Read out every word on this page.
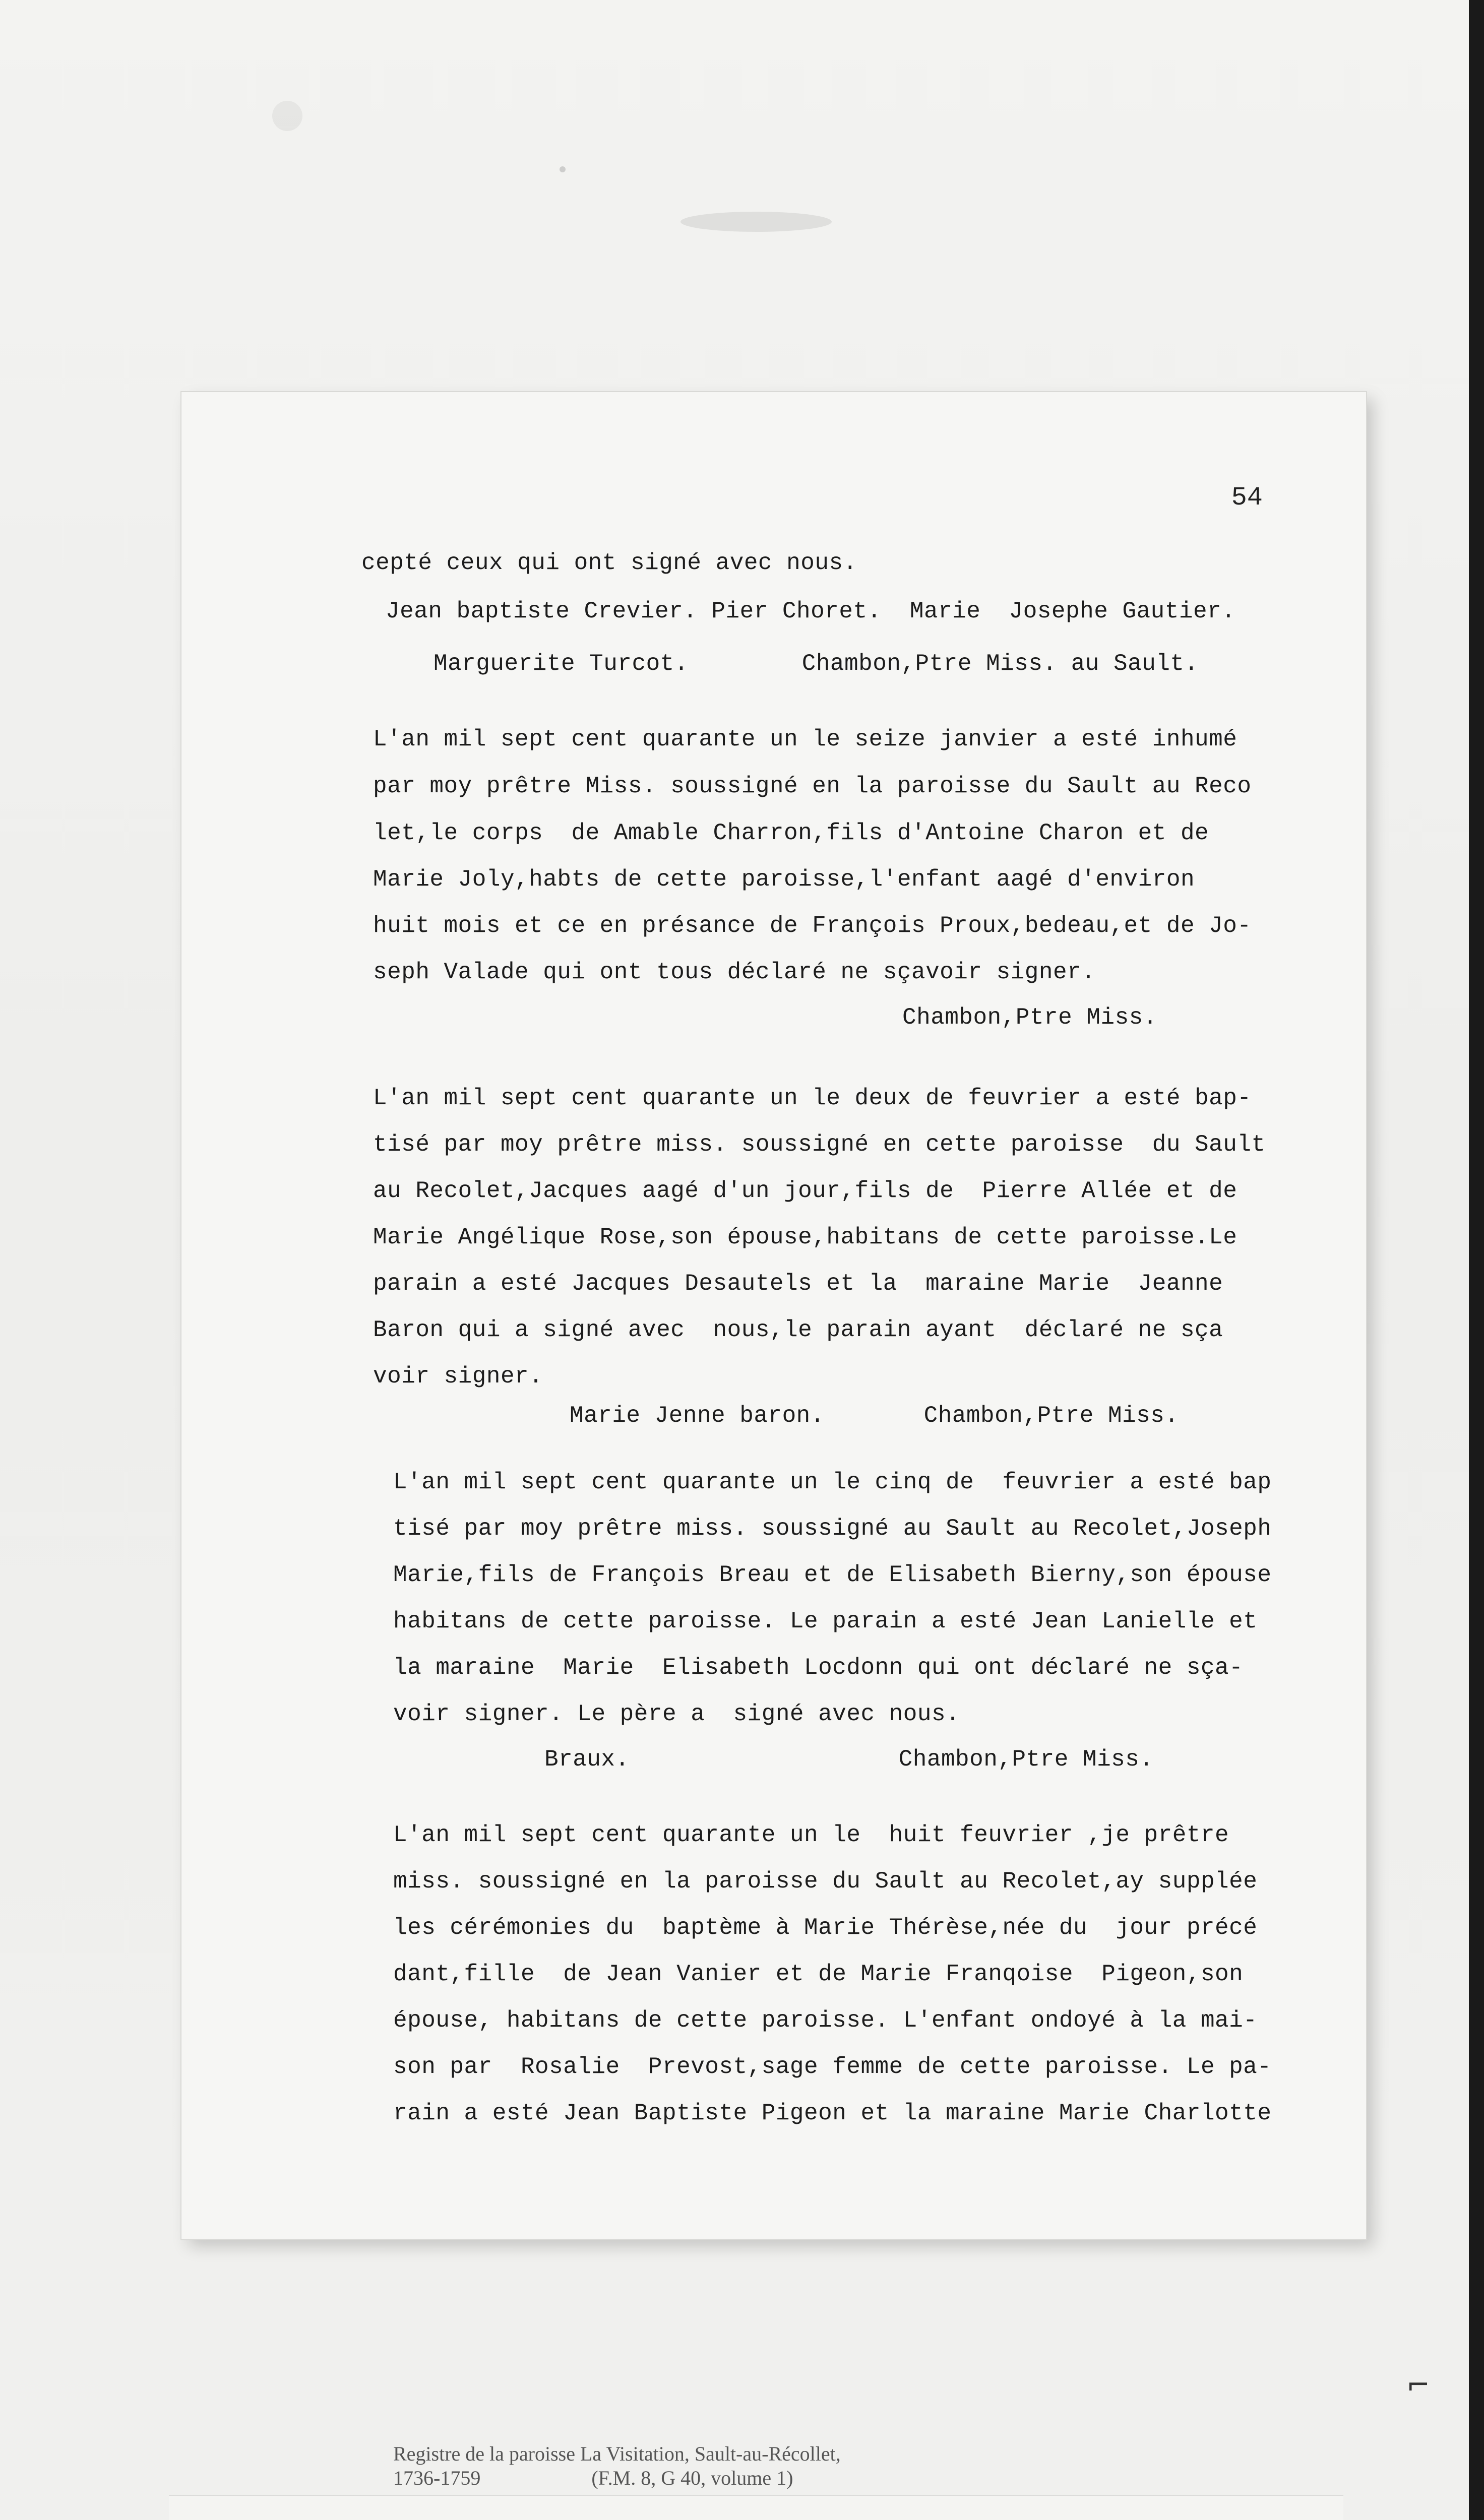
⌐
54
cepté ceux qui ont signé avec nous.
Jean baptiste Crevier. Pier Choret.  Marie  Josephe Gautier.
Marguerite Turcot.        Chambon,Ptre Miss. au Sault.
L'an mil sept cent quarante un le seize janvier a esté inhumé
par moy prêtre Miss. soussigné en la paroisse du Sault au Reco
let,le corps  de Amable Charron,fils d'Antoine Charon et de
Marie Joly,habts de cette paroisse,l'enfant aagé d'environ
huit mois et ce en présance de François Proux,bedeau,et de Jo-
seph Valade qui ont tous déclaré ne sçavoir signer.
Chambon,Ptre Miss.
L'an mil sept cent quarante un le deux de feuvrier a esté bap-
tisé par moy prêtre miss. soussigné en cette paroisse  du Sault
au Recolet,Jacques aagé d'un jour,fils de  Pierre Allée et de
Marie Angélique Rose,son épouse,habitans de cette paroisse.Le
parain a esté Jacques Desautels et la  maraine Marie  Jeanne
Baron qui a signé avec  nous,le parain ayant  déclaré ne sça
voir signer.
Marie Jenne baron.       Chambon,Ptre Miss.
L'an mil sept cent quarante un le cinq de  feuvrier a esté bap
tisé par moy prêtre miss. soussigné au Sault au Recolet,Joseph
Marie,fils de François Breau et de Elisabeth Bierny,son épouse
habitans de cette paroisse. Le parain a esté Jean Lanielle et
la maraine  Marie  Elisabeth Locdonn qui ont déclaré ne sça-
voir signer. Le père a  signé avec nous.
Braux.                   Chambon,Ptre Miss.
L'an mil sept cent quarante un le  huit feuvrier ,je prêtre
miss. soussigné en la paroisse du Sault au Recolet,ay supplée
les cérémonies du  baptème à Marie Thérèse,née du  jour précé
dant,fille  de Jean Vanier et de Marie Franqoise  Pigeon,son
épouse, habitans de cette paroisse. L'enfant ondoyé à la mai-
son par  Rosalie  Prevost,sage femme de cette paroisse. Le pa-
rain a esté Jean Baptiste Pigeon et la maraine Marie Charlotte
Registre de la paroisse La Visitation, Sault-au-Récollet,
1736-1759                      (F.M. 8, G 40, volume 1)
